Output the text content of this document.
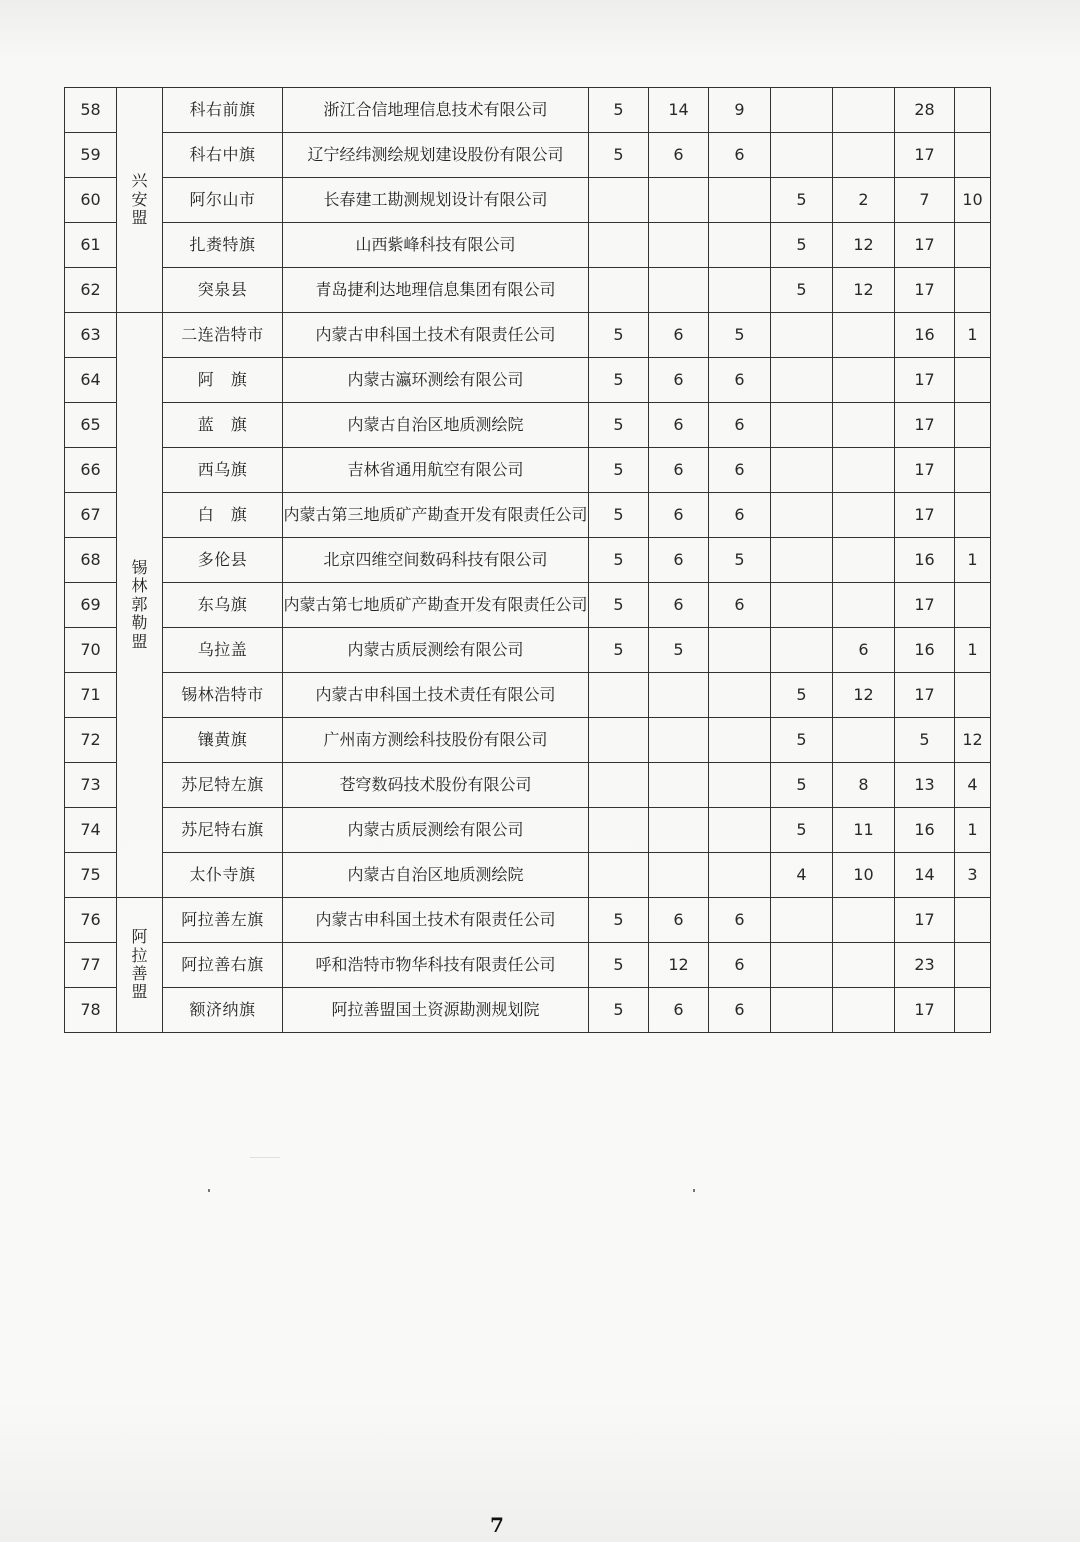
58	兴安盟	科右前旗	浙江合信地理信息技术有限公司	5	14	9			28	
59		科右中旗	辽宁经纬测绘规划建设股份有限公司	5	6	6			17	
60		阿尔山市	长春建工勘测规划设计有限公司				5	2	7	10
61		扎赉特旗	山西紫峰科技有限公司				5	12	17	
62		突泉县	青岛捷利达地理信息集团有限公司				5	12	17	
63	锡林郭勒盟	二连浩特市	内蒙古申科国土技术有限责任公司	5	6	5			16	1
64		阿　旗	内蒙古瀛环测绘有限公司	5	6	6			17	
65		蓝　旗	内蒙古自治区地质测绘院	5	6	6			17	
66		西乌旗	吉林省通用航空有限公司	5	6	6			17	
67		白　旗	内蒙古第三地质矿产勘查开发有限责任公司	5	6	6			17	
68		多伦县	北京四维空间数码科技有限公司	5	6	5			16	1
69		东乌旗	内蒙古第七地质矿产勘查开发有限责任公司	5	6	6			17	
70		乌拉盖	内蒙古质辰测绘有限公司	5	5			6	16	1
71		锡林浩特市	内蒙古申科国土技术责任有限公司				5	12	17	
72		镶黄旗	广州南方测绘科技股份有限公司				5		5	12
73		苏尼特左旗	苍穹数码技术股份有限公司				5	8	13	4
74		苏尼特右旗	内蒙古质辰测绘有限公司				5	11	16	1
75		太仆寺旗	内蒙古自治区地质测绘院				4	10	14	3
76	阿拉善盟	阿拉善左旗	内蒙古申科国土技术有限责任公司	5	6	6			17	
77		阿拉善右旗	呼和浩特市物华科技有限责任公司	5	12	6			23	
78		额济纳旗	阿拉善盟国土资源勘测规划院	5	6	6			17	
7
